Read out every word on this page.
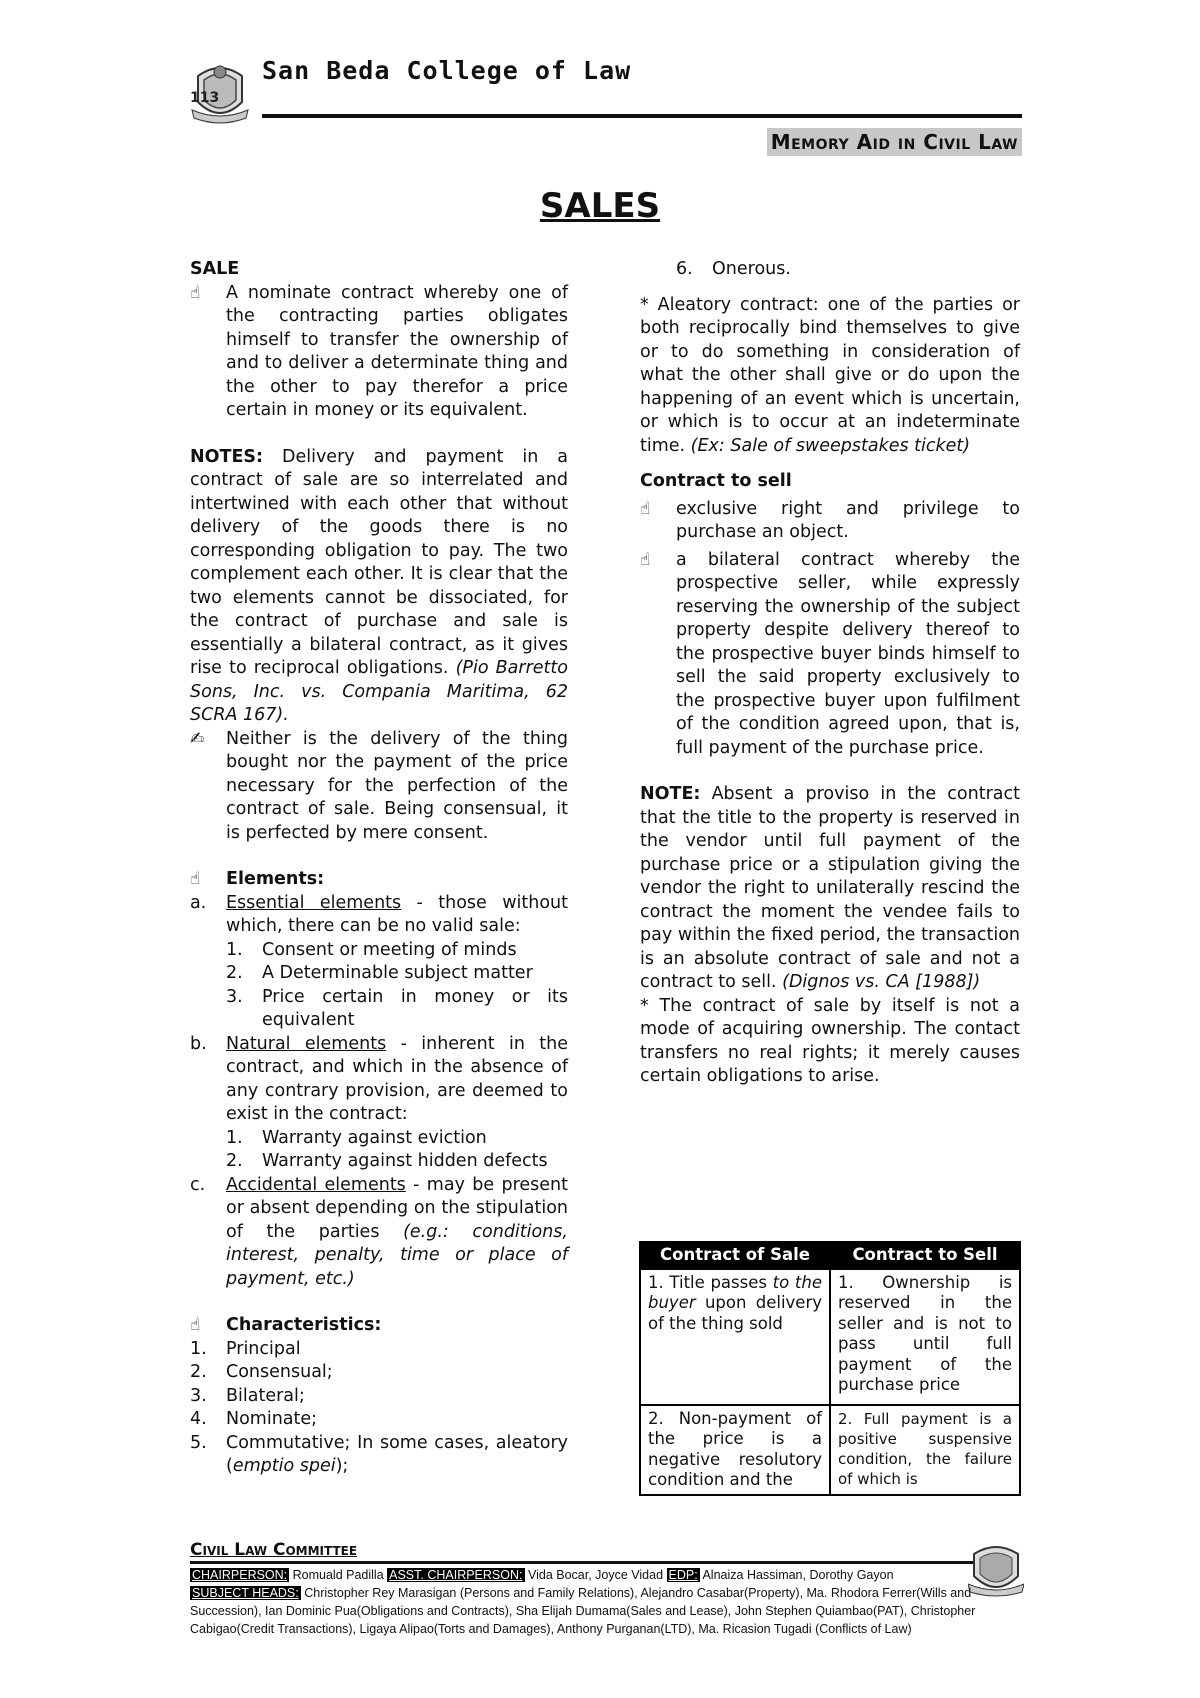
113
San Beda College of Law
Memory Aid in Civil Law
SALES

SALE

☝	A nominate contract whereby one of the contracting parties obligates himself to transfer the ownership of and to deliver a determinate thing and the other to pay therefor a price certain in money or its equivalent.

NOTES: Delivery and payment in a contract of sale are so interrelated and intertwined with each other that without delivery of the goods there is no corresponding obligation to pay. The two complement each other. It is clear that the two elements cannot be dissociated, for the contract of purchase and sale is essentially a bilateral contract, as it gives rise to reciprocal obligations. (Pio Barretto Sons, Inc. vs. Compania Maritima, 62 SCRA 167).

✍	Neither is the delivery of the thing bought nor the payment of the price necessary for the perfection of the contract of sale. Being consensual, it is perfected by mere consent.
☝	Elements:
a.	Essential elements - those without which, there can be no valid sale:
1.	Consent or meeting of minds
2.	A Determinable subject matter
3.	Price certain in money or its equivalent
b.	Natural elements - inherent in the contract, and which in the absence of any contrary provision, are deemed to exist in the contract:
1.	Warranty against eviction
2.	Warranty against hidden defects
c.	Accidental elements - may be present or absent depending on the stipulation of the parties (e.g.: conditions, interest, penalty, time or place of payment, etc.)
☝	Characteristics:
1.	Principal
2.	Consensual;
3.	Bilateral;
4.	Nominate;
5.	Commutative; In some cases, aleatory (emptio spei);
6.	Onerous.

* Aleatory contract: one of the parties or both reciprocally bind themselves to give or to do something in consideration of what the other shall give or do upon the happening of an event which is uncertain, or which is to occur at an indeterminate time. (Ex: Sale of sweepstakes ticket)

Contract to sell

☝	exclusive right and privilege to purchase an object.
☝	a bilateral contract whereby the prospective seller, while expressly reserving the ownership of the subject property despite delivery thereof to the prospective buyer binds himself to sell the said property exclusively to the prospective buyer upon fulfilment of the condition agreed upon, that is, full payment of the purchase price.

NOTE: Absent a proviso in the contract that the title to the property is reserved in the vendor until full payment of the purchase price or a stipulation giving the vendor the right to unilaterally rescind the contract the moment the vendee fails to pay within the fixed period, the transaction is an absolute contract of sale and not a contract to sell. (Dignos vs. CA [1988])

* The contract of sale by itself is not a mode of acquiring ownership. The contact transfers no real rights; it merely causes certain obligations to arise.

Contract of Sale	Contract to Sell
1. Title passes to the buyer upon delivery of the thing sold	1. Ownership is reserved in the seller and is not to pass until full payment of the purchase price
2. Non-payment of the price is a negative resolutory condition and the	2. Full payment is a positive suspensive condition, the failure of which is
Civil Law Committee
CHAIRPERSON: Romuald Padilla ASST. CHAIRPERSON: Vida Bocar, Joyce Vidad EDP: Alnaiza Hassiman, Dorothy Gayon
SUBJECT HEADS: Christopher Rey Marasigan (Persons and Family Relations), Alejandro Casabar(Property), Ma. Rhodora Ferrer(Wills and Succession), Ian Dominic Pua(Obligations and Contracts), Sha Elijah Dumama(Sales and Lease), John Stephen Quiambao(PAT), Christopher Cabigao(Credit Transactions), Ligaya Alipao(Torts and Damages), Anthony Purganan(LTD), Ma. Ricasion Tugadi (Conflicts of Law)
